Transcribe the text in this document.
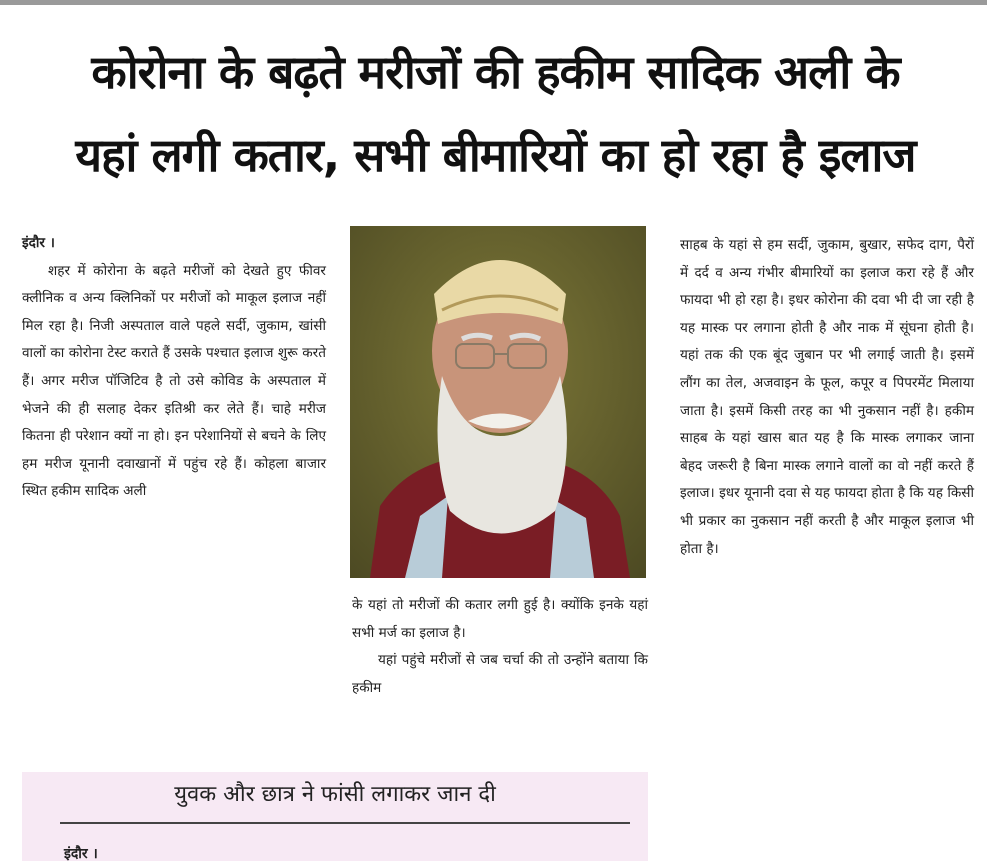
कोरोना के बढ़ते मरीजों की हकीम सादिक अली के
यहां लगी कतार, सभी बीमारियों का हो रहा है इलाज

इंदौर ।

शहर में कोरोना के बढ़ते मरीजों को देखते हुए फीवर क्लीनिक व अन्य क्लिनिकों पर मरीजों को माकूल इलाज नहीं मिल रहा है। निजी अस्पताल वाले पहले सर्दी, जुकाम, खांसी वालों का कोरोना टेस्ट कराते हैं उसके पश्चात इलाज शुरू करते हैं। अगर मरीज पॉजिटिव है तो उसे कोविड के अस्पताल में भेजने की ही सलाह देकर इतिश्री कर लेते हैं। चाहे मरीज कितना ही परेशान क्यों ना हो। इन परेशानियों से बचने के लिए हम मरीज यूनानी दवाखानों में पहुंच रहे हैं। कोहला बाजार स्थित हकीम सादिक अली

के यहां तो मरीजों की कतार लगी हुई है। क्योंकि इनके यहां सभी मर्ज का इलाज है।

यहां पहुंचे मरीजों से जब चर्चा की तो उन्होंने बताया कि हकीम

साहब के यहां से हम सर्दी, जुकाम, बुखार, सफेद दाग, पैरों में दर्द व अन्य गंभीर बीमारियों का इलाज करा रहे हैं और फायदा भी हो रहा है। इधर कोरोना की दवा भी दी जा रही है यह मास्क पर लगाना होती है और नाक में सूंघना होती है। यहां तक की एक बूंद जुबान पर भी लगाई जाती है। इसमें लौंग का तेल, अजवाइन के फूल, कपूर व पिपरमेंट मिलाया जाता है। इसमें किसी तरह का भी नुकसान नहीं है। हकीम साहब के यहां खास बात यह है कि मास्क लगाकर जाना बेहद जरूरी है बिना मास्क लगाने वालों का वो नहीं करते हैं इलाज। इधर यूनानी दवा से यह फायदा होता है कि यह किसी भी प्रकार का नुकसान नहीं करती है और माकूल इलाज भी होता है।

युवक और छात्र ने फांसी लगाकर जान दी
इंदौर ।
